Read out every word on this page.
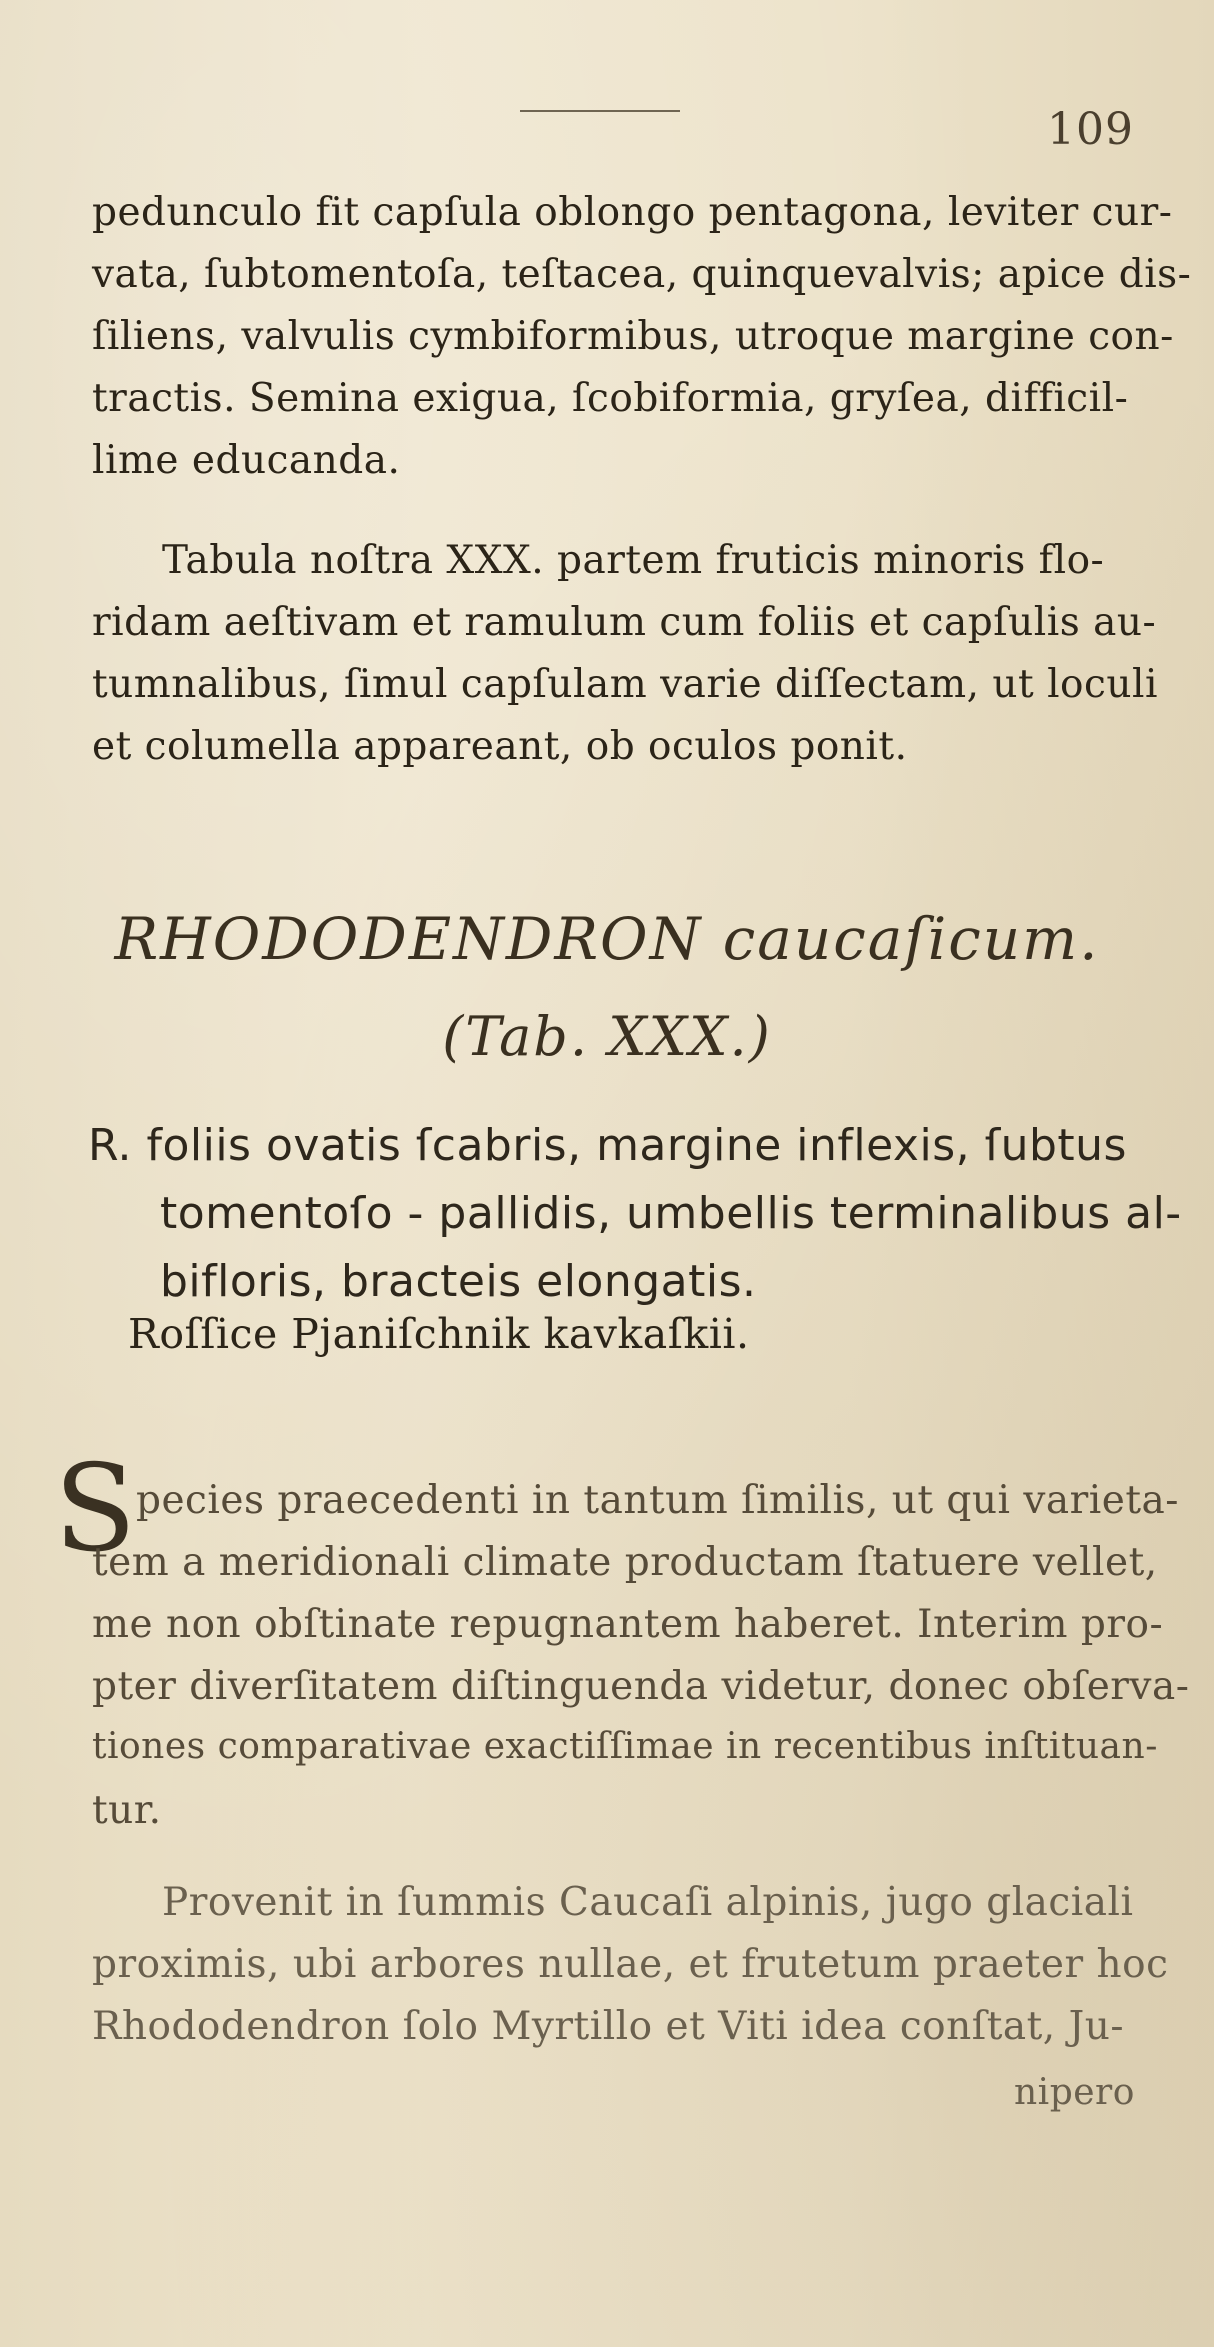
109
pedunculo fit capſula oblongo pentagona, leviter cur-
vata, ſubtomentoſa, teſtacea, quinquevalvis; apice dis-
ſiliens, valvulis cymbiformibus, utroque margine con-
tractis. Semina exigua, ſcobiformia, gryſea, difficil-
lime educanda.
Tabula noſtra XXX. partem fruticis minoris flo-
ridam aeſtivam et ramulum cum foliis et capſulis au-
tumnalibus, ſimul capſulam varie diſſectam, ut loculi
et columella appareant, ob oculos ponit.
RHODODENDRON caucaſicum.
(Tab. XXX.)
R. foliis ovatis ſcabris, margine inflexis, ſubtus
tomentoſo - pallidis, umbellis terminalibus al-
bifloris, bracteis elongatis.
Roſſice Pjaniſchnik kavkaſkii.
S pecies praecedenti in tantum ſimilis, ut qui varieta-
tem a meridionali climate productam ſtatuere vellet,
me non obſtinate repugnantem haberet. Interim pro-
pter diverſitatem diſtinguenda videtur, donec obſerva-
tiones comparativae exactiſſimae in recentibus inſtituan-
tur.
Provenit in ſummis Caucaſi alpinis, jugo glaciali
proximis, ubi arbores nullae, et frutetum praeter hoc
Rhododendron ſolo Myrtillo et Viti idea conſtat, Ju-
nipero
